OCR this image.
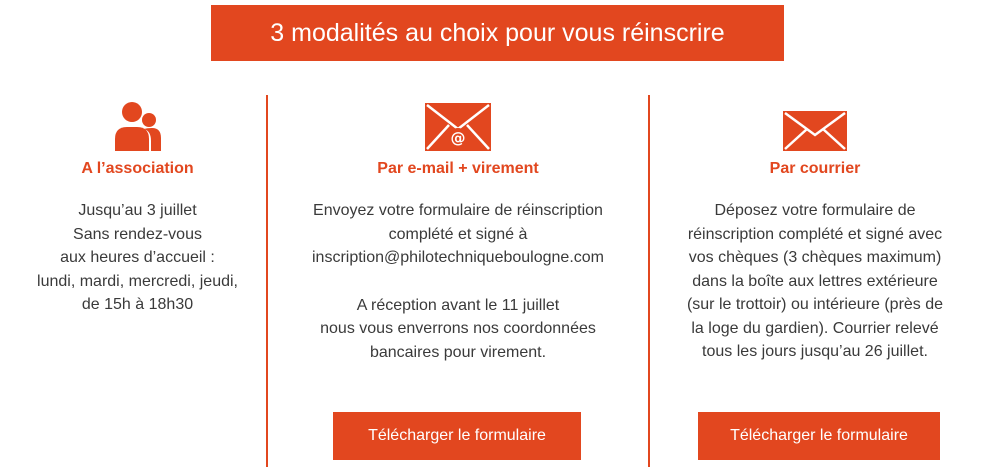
3 modalités au choix pour vous réinscrire
A l’association
Jusqu’au 3 juillet
Sans rendez-vous
aux heures d’accueil :
lundi, mardi, mercredi, jeudi,
de 15h à 18h30
@
Par e-mail + virement
Envoyez votre formulaire de réinscription
complété et signé à
inscription@philotechniqueboulogne.com
A réception avant le 11 juillet
nous vous enverrons nos coordonnées
bancaires pour virement.
Télécharger le formulaire
Par courrier
Déposez votre formulaire de
réinscription complété et signé avec
vos chèques (3 chèques maximum)
dans la boîte aux lettres extérieure
(sur le trottoir) ou intérieure (près de
la loge du gardien). Courrier relevé
tous les jours jusqu’au 26 juillet.
Télécharger le formulaire
